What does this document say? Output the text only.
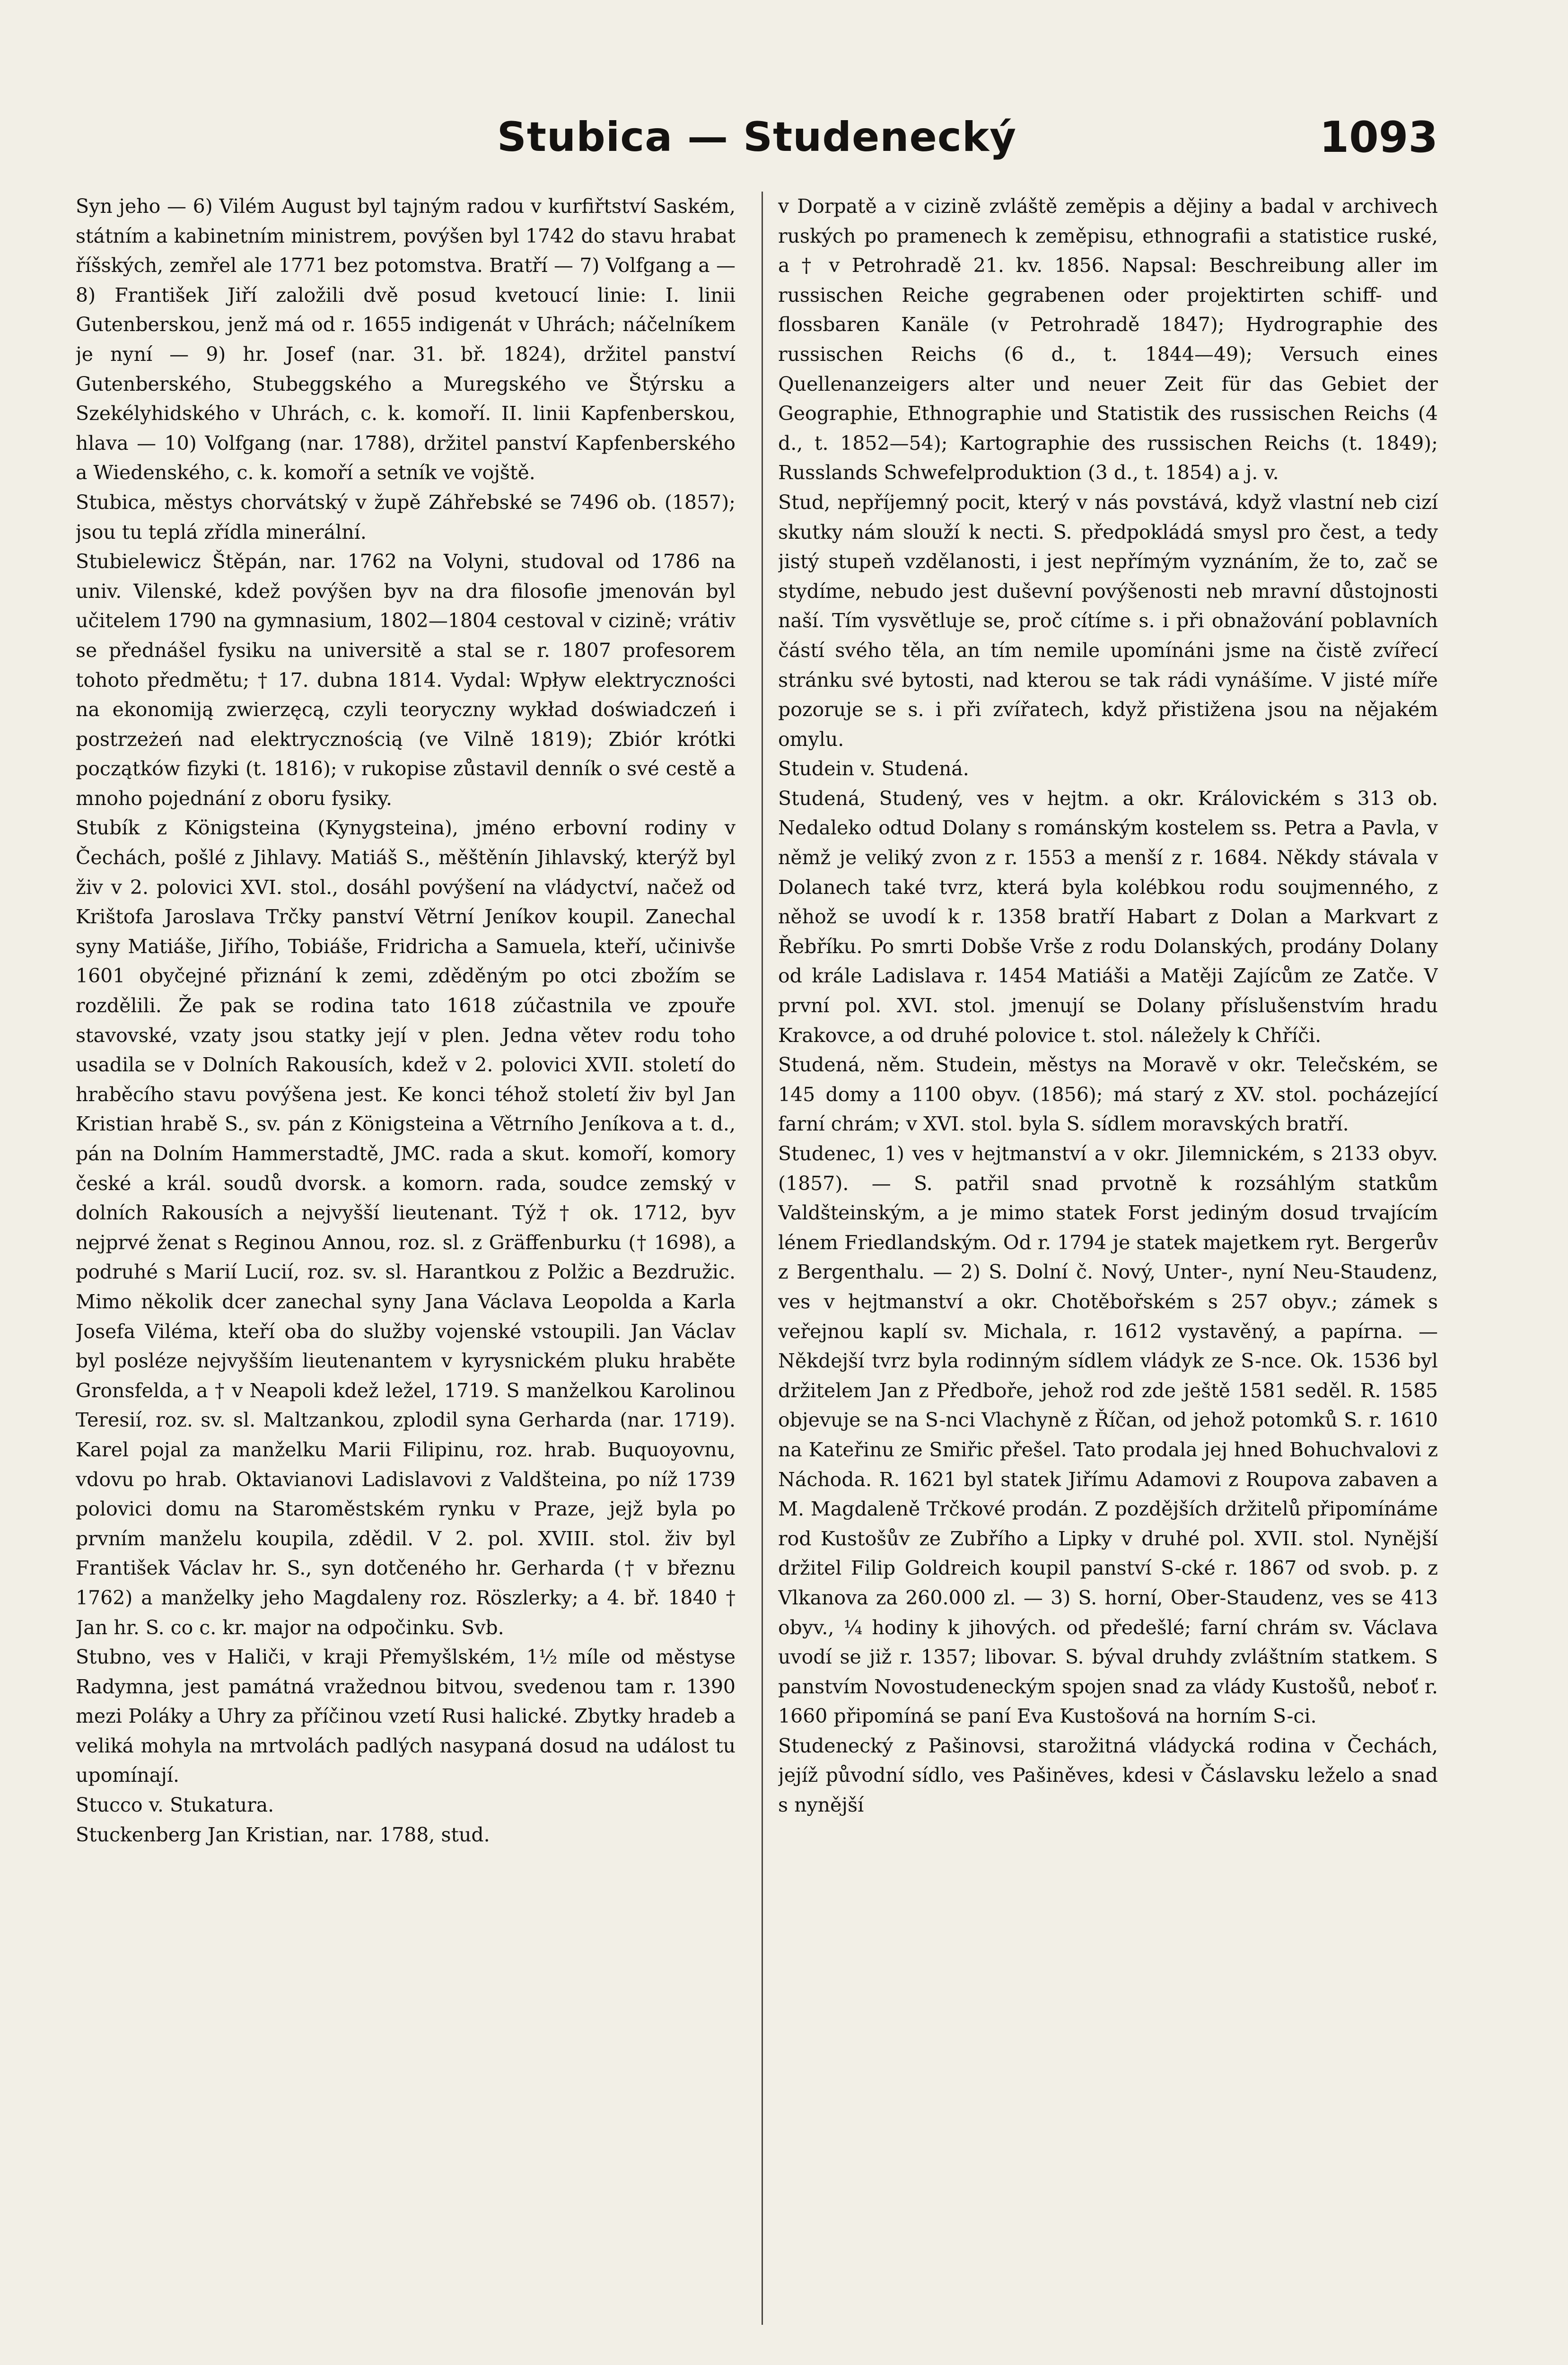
Stubica — Studenecký	1093

Syn jeho — 6) Vilém August byl tajným radou v kurfiřtství Saském, státním a kabinetním ministrem, povýšen byl 1742 do stavu hrabat říšských, zemřel ale 1771 bez potomstva. Bratří — 7) Volfgang a — 8) František Jiří založili dvě posud kvetoucí linie: I. linii Gutenberskou, jenž má od r. 1655 indigenát v Uhrách; náčelníkem je nyní — 9) hr. Josef (nar. 31. bř. 1824), držitel panství Gutenberského, Stubeggského a Muregského ve Štýrsku a Szekélyhidského v Uhrách, c. k. komoří. II. linii Kapfenberskou, hlava — 10) Volfgang (nar. 1788), držitel panství Kapfenberského a Wiedenského, c. k. komoří a setník ve vojště.

Stubica, městys chorvátský v župě Záhřebské se 7496 ob. (1857); jsou tu teplá zřídla minerální.

Stubielewicz Štěpán, nar. 1762 na Volyni, studoval od 1786 na univ. Vilenské, kdež povýšen byv na dra filosofie jmenován byl učitelem 1790 na gymnasium, 1802—1804 cestoval v cizině; vrátiv se přednášel fysiku na universitě a stal se r. 1807 profesorem tohoto předmětu; † 17. dubna 1814. Vydal: Wpływ elektryczności na ekonomiją zwierzęcą, czyli teoryczny wykład doświadczeń i postrzeżeń nad elektrycznością (ve Vilně 1819); Zbiór krótki początków fizyki (t. 1816); v rukopise zůstavil denník o své cestě a mnoho pojednání z oboru fysiky.

Stubík z Königsteina (Kynygsteina), jméno erbovní rodiny v Čechách, pošlé z Jihlavy. Matiáš S., měštěnín Jihlavský, kterýž byl živ v 2. polovici XVI. stol., dosáhl povýšení na vládyctví, načež od Krištofa Jaroslava Trčky panství Větrní Jeníkov koupil. Zanechal syny Matiáše, Jiřího, Tobiáše, Fridricha a Samuela, kteří, učinivše 1601 obyčejné přiznání k zemi, zděděným po otci zbožím se rozdělili. Že pak se rodina tato 1618 zúčastnila ve zpouře stavovské, vzaty jsou statky její v plen. Jedna větev rodu toho usadila se v Dolních Rakousích, kdež v 2. polovici XVII. století do hraběcího stavu povýšena jest. Ke konci téhož století živ byl Jan Kristian hrabě S., sv. pán z Königsteina a Větrního Jeníkova a t. d., pán na Dolním Hammerstadtě, JMC. rada a skut. komoří, komory české a král. soudů dvorsk. a komorn. rada, soudce zemský v dolních Rakousích a nejvyšší lieutenant. Týž † ok. 1712, byv nejprvé ženat s Reginou Annou, roz. sl. z Gräffenburku († 1698), a podruhé s Marií Lucií, roz. sv. sl. Harantkou z Polžic a Bezdružic. Mimo několik dcer zanechal syny Jana Václava Leopolda a Karla Josefa Viléma, kteří oba do služby vojenské vstoupili. Jan Václav byl posléze nejvyšším lieutenantem v kyrysnickém pluku hraběte Gronsfelda, a † v Neapoli kdež ležel, 1719. S manželkou Karolinou Teresií, roz. sv. sl. Maltzankou, zplodil syna Gerharda (nar. 1719). Karel pojal za manželku Marii Filipinu, roz. hrab. Buquoyovnu, vdovu po hrab. Oktavianovi Ladislavovi z Valdšteina, po níž 1739 polovici domu na Staroměstském rynku v Praze, jejž byla po prvním manželu koupila, zdědil. V 2. pol. XVIII. stol. živ byl František Václav hr. S., syn dotčeného hr. Gerharda († v březnu 1762) a manželky jeho Magdaleny roz. Röszlerky; a 4. bř. 1840 † Jan hr. S. co c. kr. major na odpočinku. Svb.

Stubno, ves v Haliči, v kraji Přemyšlském, 1½ míle od městyse Radymna, jest památná vražednou bitvou, svedenou tam r. 1390 mezi Poláky a Uhry za příčinou vzetí Rusi halické. Zbytky hradeb a veliká mohyla na mrtvolách padlých nasypaná dosud na událost tu upomínají.

Stucco v. Stukatura.

Stuckenberg Jan Kristian, nar. 1788, stud.

v Dorpatě a v cizině zvláště zeměpis a dějiny a badal v archivech ruských po pramenech k zeměpisu, ethnografii a statistice ruské, a † v Petrohradě 21. kv. 1856. Napsal: Beschreibung aller im russischen Reiche gegrabenen oder projektirten schiff- und flossbaren Kanäle (v Petrohradě 1847); Hydrographie des russischen Reichs (6 d., t. 1844—49); Versuch eines Quellenanzeigers alter und neuer Zeit für das Gebiet der Geographie, Ethnographie und Statistik des russischen Reichs (4 d., t. 1852—54); Kartographie des russischen Reichs (t. 1849); Russlands Schwefelproduktion (3 d., t. 1854) a j. v.

Stud, nepříjemný pocit, který v nás povstává, když vlastní neb cizí skutky nám slouží k necti. S. předpokládá smysl pro čest, a tedy jistý stupeň vzdělanosti, i jest nepřímým vyznáním, že to, zač se stydíme, nebudo jest duševní povýšenosti neb mravní důstojnosti naší. Tím vysvětluje se, proč cítíme s. i při obnažování poblavních částí svého těla, an tím nemile upomínáni jsme na čistě zvířecí stránku své bytosti, nad kterou se tak rádi vynášíme. V jisté míře pozoruje se s. i při zvířatech, když přistižena jsou na nějakém omylu.

Studein v. Studená.

Studená, Studený, ves v hejtm. a okr. Královickém s 313 ob. Nedaleko odtud Dolany s románským kostelem ss. Petra a Pavla, v němž je veliký zvon z r. 1553 a menší z r. 1684. Někdy stávala v Dolanech také tvrz, která byla kolébkou rodu soujmenného, z něhož se uvodí k r. 1358 bratří Habart z Dolan a Markvart z Řebříku. Po smrti Dobše Vrše z rodu Dolanských, prodány Dolany od krále Ladislava r. 1454 Matiáši a Matěji Zajícům ze Zatče. V první pol. XVI. stol. jmenují se Dolany příslušenstvím hradu Krakovce, a od druhé polovice t. stol. náležely k Chříči.

Studená, něm. Studein, městys na Moravě v okr. Telečském, se 145 domy a 1100 obyv. (1856); má starý z XV. stol. pocházející farní chrám; v XVI. stol. byla S. sídlem moravských bratří.

Studenec, 1) ves v hejtmanství a v okr. Jilemnickém, s 2133 obyv. (1857). — S. patřil snad prvotně k rozsáhlým statkům Valdšteinským, a je mimo statek Forst jediným dosud trvajícím lénem Friedlandským. Od r. 1794 je statek majetkem ryt. Bergerův z Bergenthalu. — 2) S. Dolní č. Nový, Unter-, nyní Neu-Staudenz, ves v hejtmanství a okr. Chotěbořském s 257 obyv.; zámek s veřejnou kaplí sv. Michala, r. 1612 vystavěný, a papírna. — Někdejší tvrz byla rodinným sídlem vládyk ze S-nce. Ok. 1536 byl držitelem Jan z Předboře, jehož rod zde ještě 1581 seděl. R. 1585 objevuje se na S-nci Vlachyně z Říčan, od jehož potomků S. r. 1610 na Kateřinu ze Smiřic přešel. Tato prodala jej hned Bohuchvalovi z Náchoda. R. 1621 byl statek Jiřímu Adamovi z Roupova zabaven a M. Magdaleně Trčkové prodán. Z pozdějších držitelů připomínáme rod Kustošův ze Zubřího a Lipky v druhé pol. XVII. stol. Nynější držitel Filip Goldreich koupil panství S-cké r. 1867 od svob. p. z Vlkanova za 260.000 zl. — 3) S. horní, Ober-Staudenz, ves se 413 obyv., ¼ hodiny k jihových. od předešlé; farní chrám sv. Václava uvodí se již r. 1357; libovar. S. býval druhdy zvláštním statkem. S panstvím Novostudeneckým spojen snad za vlády Kustošů, neboť r. 1660 připomíná se paní Eva Kustošová na horním S-ci.

Studenecký z Pašinovsi, starožitná vládycká rodina v Čechách, jejíž původní sídlo, ves Pašiněves, kdesi v Čáslavsku leželo a snad s nynější
